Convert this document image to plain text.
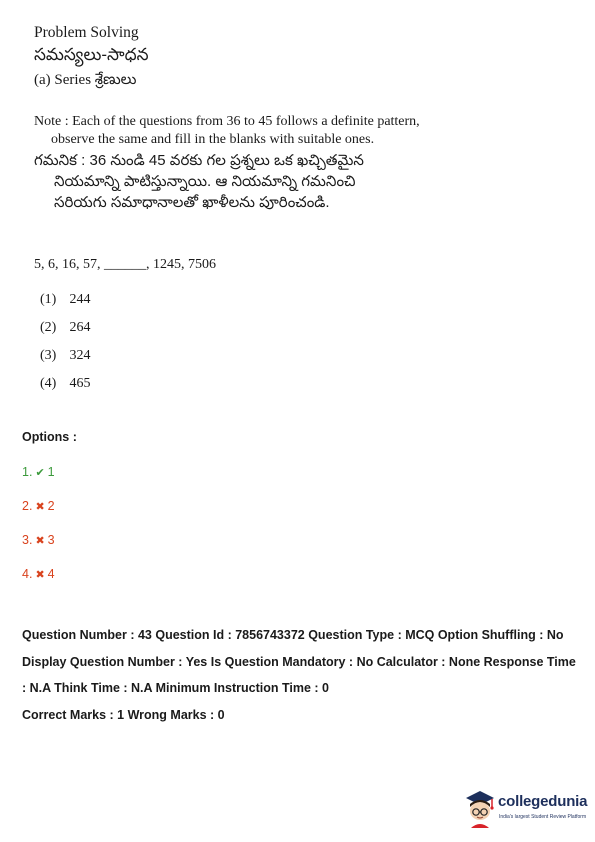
Problem Solving
సమస్యలు-సాధన
(a) Series శ్రేణులు
Note : Each of the questions from 36 to 45 follows a definite pattern,
observe the same and fill in the blanks with suitable ones.
గమనిక : 36 నుండి 45 వరకు గల ప్రశ్నలు ఒక ఖచ్చితమైన
నియమాన్ని పాటిస్తున్నాయి. ఆ నియమాన్ని గమనించి
సరియగు సమాధానాలతో ఖాళీలను పూరించండి.
5, 6, 16, 57, ______, 1245, 7506
(1) 244
(2) 264
(3) 324
(4) 465
Options :
1. ✔ 1
2. ✖ 2
3. ✖ 3
4. ✖ 4
Question Number : 43 Question Id : 7856743372 Question Type : MCQ Option Shuffling : No
Display Question Number : Yes Is Question Mandatory : No Calculator : None Response Time
: N.A Think Time : N.A Minimum Instruction Time : 0
Correct Marks : 1 Wrong Marks : 0
collegedunia
India's largest Student Review Platform
